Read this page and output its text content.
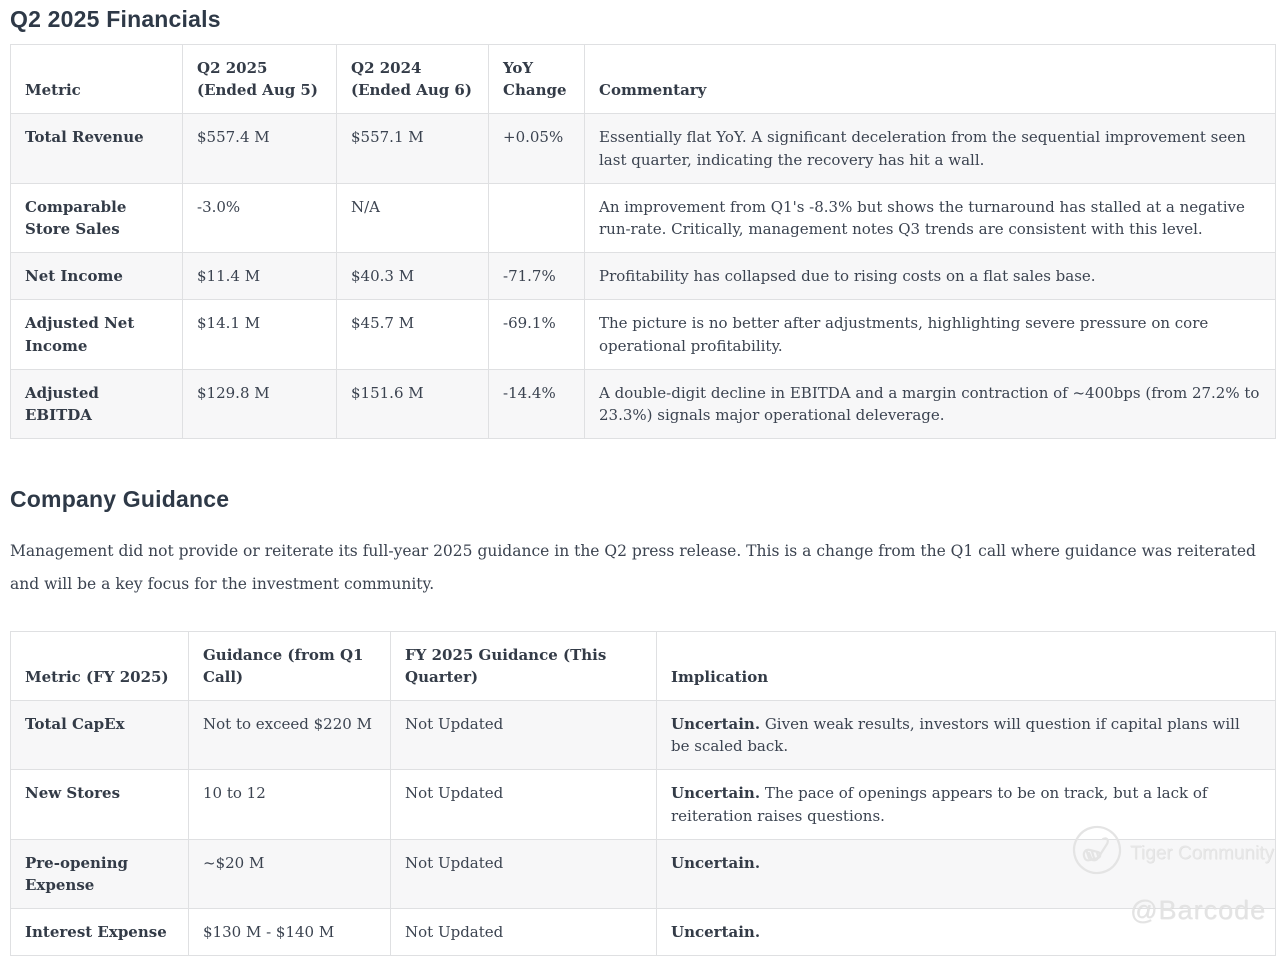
Q2 2025 Financials
Metric	Q2 2025 (Ended Aug 5)	Q2 2024 (Ended Aug 6)	YoY Change	Commentary
Total Revenue	$557.4 M	$557.1 M	+0.05%	Essentially flat YoY. A significant deceleration from the sequential improvement seen last quarter, indicating the recovery has hit a wall.
Comparable Store Sales	-3.0%	N/A		An improvement from Q1's -8.3% but shows the turnaround has stalled at a negative run-rate. Critically, management notes Q3 trends are consistent with this level.
Net Income	$11.4 M	$40.3 M	-71.7%	Profitability has collapsed due to rising costs on a flat sales base.
Adjusted Net Income	$14.1 M	$45.7 M	-69.1%	The picture is no better after adjustments, highlighting severe pressure on core operational profitability.
Adjusted EBITDA	$129.8 M	$151.6 M	-14.4%	A double-digit decline in EBITDA and a margin contraction of ~400bps (from 27.2% to 23.3%) signals major operational deleverage.
Company Guidance

Management did not provide or reiterate its full-year 2025 guidance in the Q2 press release. This is a change from the Q1 call where guidance was reiterated and will be a key focus for the investment community.

Metric (FY 2025)	Guidance (from Q1 Call)	FY 2025 Guidance (This Quarter)	Implication
Total CapEx	Not to exceed $220 M	Not Updated	Uncertain. Given weak results, investors will question if capital plans will be scaled back.
New Stores	10 to 12	Not Updated	Uncertain. The pace of openings appears to be on track, but a lack of reiteration raises questions.
Pre-opening Expense	~$20 M	Not Updated	Uncertain.
Interest Expense	$130 M - $140 M	Not Updated	Uncertain.
Tiger Community
@Barcode
